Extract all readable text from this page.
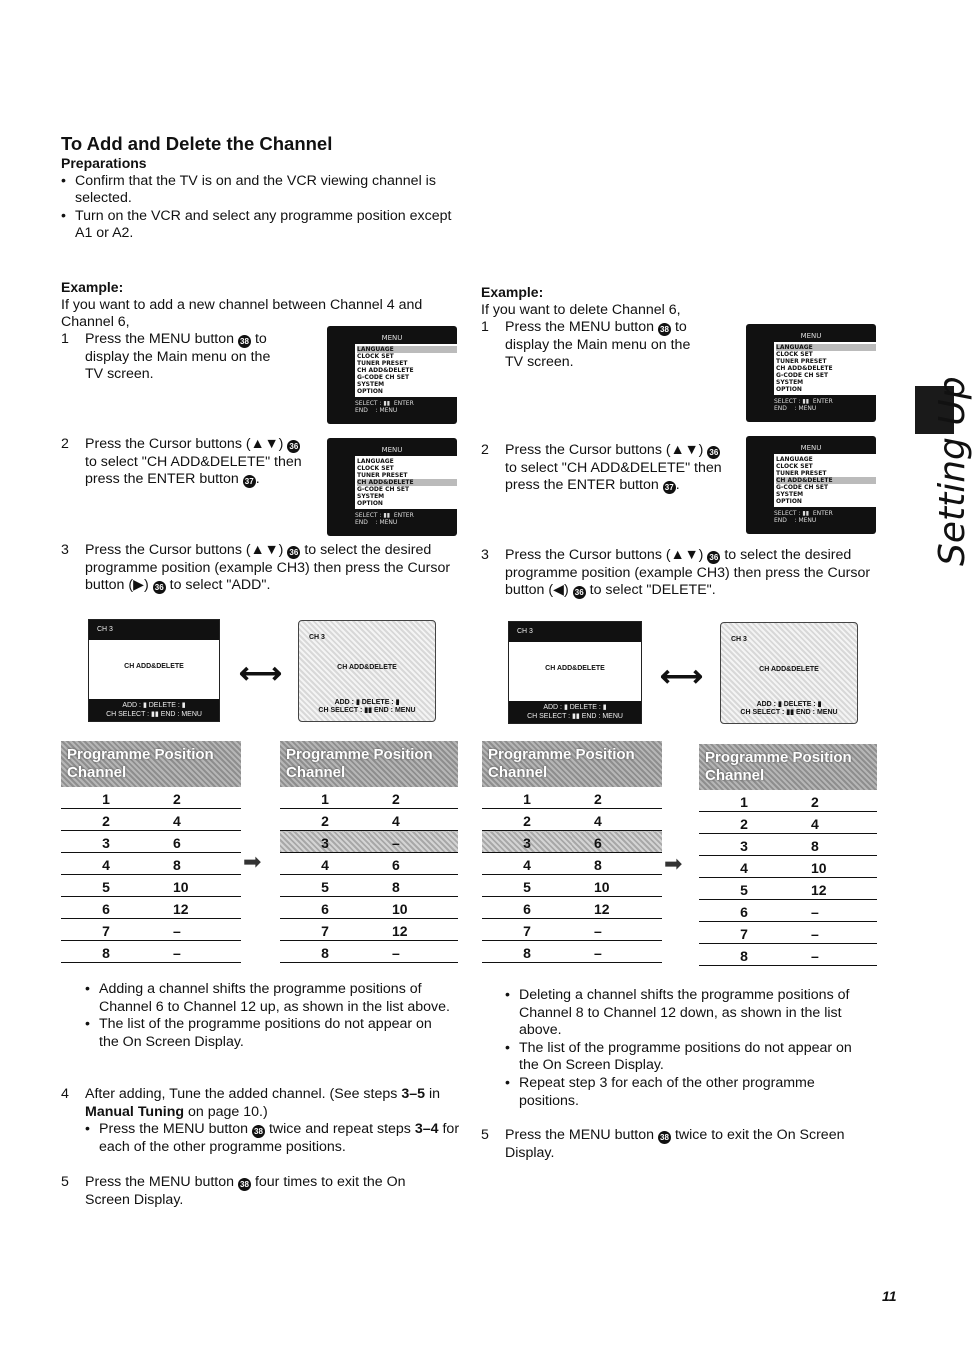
To Add and Delete the Channel

Preparations

• Confirm that the TV is on and the VCR viewing channel is selected.

• Turn on the VCR and select any programme position except A1 or A2.

Example:

If you want to add a new channel between Channel 4 and Channel 6,

1 Press the MENU button 38 to display the Main menu on the TV screen.

MENU
LANGUAGE
CLOCK SET
TUNER PRESET
CH ADD&DELETE
G-CODE CH SET
SYSTEM
OPTION
SELECT : ▮▮  ENTER
END    : MENU

2 Press the Cursor buttons (▲▼) 36 to select "CH ADD&DELETE" then press the ENTER button 37 .

MENU
LANGUAGE
CLOCK SET
TUNER PRESET
CH ADD&DELETE
G-CODE CH SET
SYSTEM
OPTION
SELECT : ▮▮  ENTER
END    : MENU

3 Press the Cursor buttons (▲▼) 36 to select the desired programme position (example CH3) then press the Cursor button (▶) 36 to select "ADD".

CH 3
CH ADD&DELETE
ADD : ▮ DELETE : ▮
CH SELECT : ▮▮ END : MENU
⟷
CH 3
CH ADD&DELETE
ADD : ▮ DELETE : ▮
CH SELECT : ▮▮ END : MENU
Programme Position Channel	
1	2
2	4
3	6
4	8
5	10
6	12
7	–
8	–
➡
Programme Position Channel	
1	2
2	4
3	–
4	6
5	8
6	10
7	12
8	–

• Adding a channel shifts the programme positions of Channel 6 to Channel 12 up, as shown in the list above.

• The list of the programme positions do not appear on the On Screen Display.

4 After adding, Tune the added channel. (See steps 3–5 in Manual Tuning on page 10.)

• Press the MENU button 38 twice and repeat steps 3–4 for each of the other programme positions.

5 Press the MENU button 38 four times to exit the On Screen Display.

Example:

If you want to delete Channel 6,

1 Press the MENU button 38 to display the Main menu on the TV screen.

MENU
LANGUAGE
CLOCK SET
TUNER PRESET
CH ADD&DELETE
G-CODE CH SET
SYSTEM
OPTION
SELECT : ▮▮  ENTER
END    : MENU

2 Press the Cursor buttons (▲▼) 36 to select "CH ADD&DELETE" then press the ENTER button 37 .

MENU
LANGUAGE
CLOCK SET
TUNER PRESET
CH ADD&DELETE
G-CODE CH SET
SYSTEM
OPTION
SELECT : ▮▮  ENTER
END    : MENU

3 Press the Cursor buttons (▲▼) 36 to select the desired programme position (example CH3) then press the Cursor button (◀) 36 to select "DELETE".

CH 3
CH ADD&DELETE
ADD : ▮ DELETE : ▮
CH SELECT : ▮▮ END : MENU
⟷
CH 3
CH ADD&DELETE
ADD : ▮ DELETE : ▮
CH SELECT : ▮▮ END : MENU
Programme Position Channel	
1	2
2	4
3	6
4	8
5	10
6	12
7	–
8	–
➡
Programme Position Channel	
1	2
2	4
3	8
4	10
5	12
6	–
7	–
8	–

• Deleting a channel shifts the programme positions of Channel 8 to Channel 12 down, as shown in the list above.

• The list of the programme positions do not appear on the On Screen Display.

• Repeat step 3 for each of the other programme positions.

5 Press the MENU button 38 twice to exit the On Screen Display.

Setting Up
11
